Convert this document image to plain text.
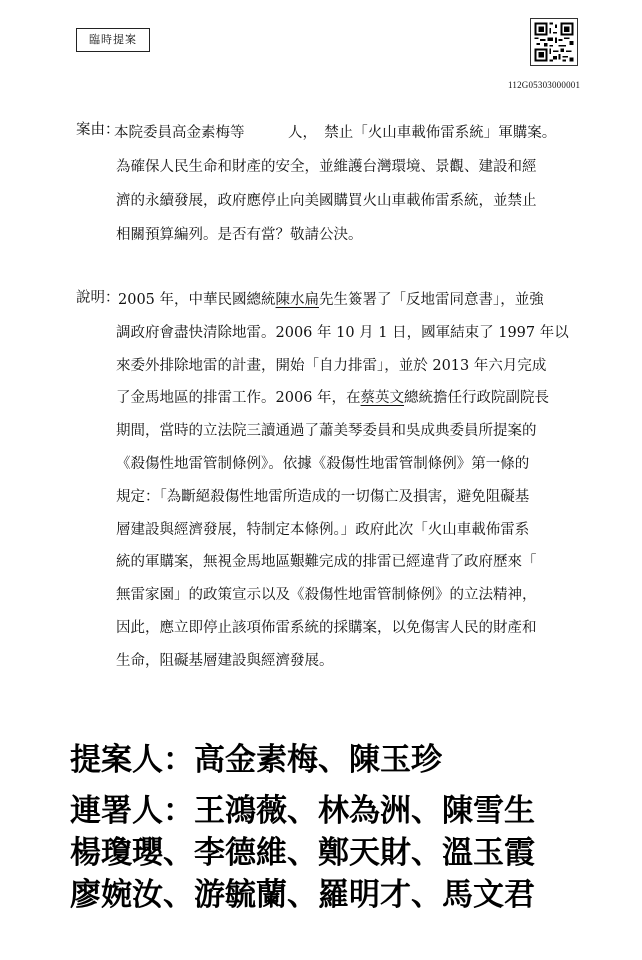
臨時提案
112G05303000001
案由：
本院委員高金素梅等　　　人，　禁止「火山車載佈雷系統」軍購案。
為確保人民生命和財產的安全，並維護台灣環境、景觀、建設和經
濟的永續發展，政府應停止向美國購買火山車載佈雷系統，並禁止
相關預算編列。是否有當？敬請公決。
說明：
2005 年，中華民國總統陳水扁先生簽署了「反地雷同意書」，並強
調政府會盡快清除地雷。2006 年 10 月 1 日，國軍結束了 1997 年以
來委外排除地雷的計畫，開始「自力排雷」，並於 2013 年六月完成
了金馬地區的排雷工作。2006 年，在蔡英文總統擔任行政院副院長
期間，當時的立法院三讀通過了蕭美琴委員和吳成典委員所提案的
《殺傷性地雷管制條例》。依據《殺傷性地雷管制條例》第一條的
規定：「為斷絕殺傷性地雷所造成的一切傷亡及損害，避免阻礙基
層建設與經濟發展，特制定本條例。」政府此次「火山車載佈雷系
統的軍購案，無視金馬地區艱難完成的排雷已經違背了政府歷來「
無雷家園」的政策宣示以及《殺傷性地雷管制條例》的立法精神，
因此，應立即停止該項佈雷系統的採購案，以免傷害人民的財產和
生命，阻礙基層建設與經濟發展。
提案人：高金素梅、陳玉珍
連署人：王鴻薇、林為洲、陳雪生
楊瓊瓔、李德維、鄭天財、溫玉霞
廖婉汝、游毓蘭、羅明才、馬文君
